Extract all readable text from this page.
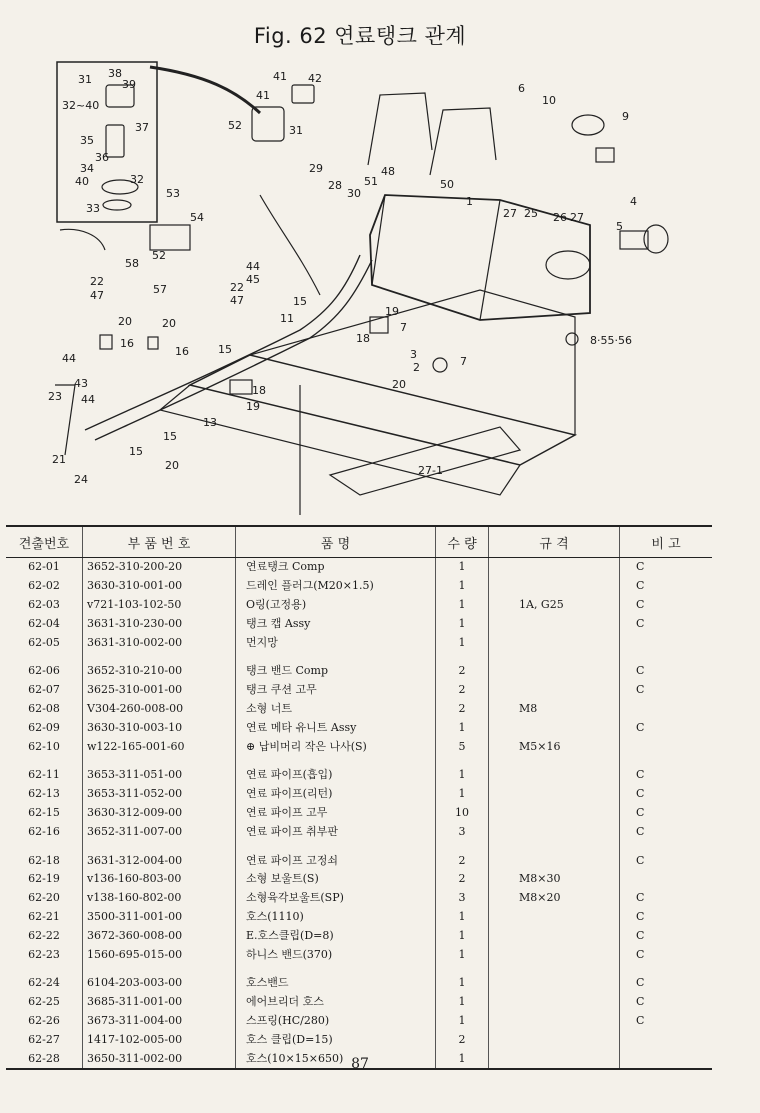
Fig. 62 연료탱크 관계
31 38
39
32~40
37
35
36
34
40	32
33
53
54
52
58
57
22
47
41 42
41
52	31
29
28
30
51
48
50
1
6
10
9
27 25 26 27
4
5
44
45
22
47	15
11
19
7
18
3
2	7
20
8·55·56
20
16
16	15
20
44
43
23 44
18
19
13
15
15
21
24
20	27-1
견출번호	부 품 번 호	품 명	수 량	규 격	비 고
62-01	3652-310-200-20	연료탱크 Comp	1		C
62-02	3630-310-001-00	드레인 플러그(M20×1.5)	1		C
62-03	v721-103-102-50	O링(고정용)	1	1A, G25	C
62-04	3631-310-230-00	탱크 캡 Assy	1		C
62-05	3631-310-002-00	먼지망	1		
62-06	3652-310-210-00	탱크 밴드 Comp	2		C
62-07	3625-310-001-00	탱크 쿠션 고무	2		C
62-08	V304-260-008-00	소형 너트	2	M8	
62-09	3630-310-003-10	연료 메타 유니트 Assy	1		C
62-10	w122-165-001-60	⊕ 납비머리 작은 나사(S)	5	M5×16	
62-11	3653-311-051-00	연료 파이프(흡입)	1		C
62-13	3653-311-052-00	연료 파이프(리턴)	1		C
62-15	3630-312-009-00	연료 파이프 고무	10		C
62-16	3652-311-007-00	연료 파이프 취부판	3		C
62-18	3631-312-004-00	연료 파이프 고정쇠	2		C
62-19	v136-160-803-00	소형 보울트(S)	2	M8×30	
62-20	v138-160-802-00	소형육각보울트(SP)	3	M8×20	C
62-21	3500-311-001-00	호스(1110)	1		C
62-22	3672-360-008-00	E.호스클립(D=8)	1		C
62-23	1560-695-015-00	하니스 밴드(370)	1		C
62-24	6104-203-003-00	호스밴드	1		C
62-25	3685-311-001-00	에어브리더 호스	1		C
62-26	3673-311-004-00	스프링(HC/280)	1		C
62-27	1417-102-005-00	호스 클립(D=15)	2		
62-28	3650-311-002-00	호스(10×15×650)	1		
87
